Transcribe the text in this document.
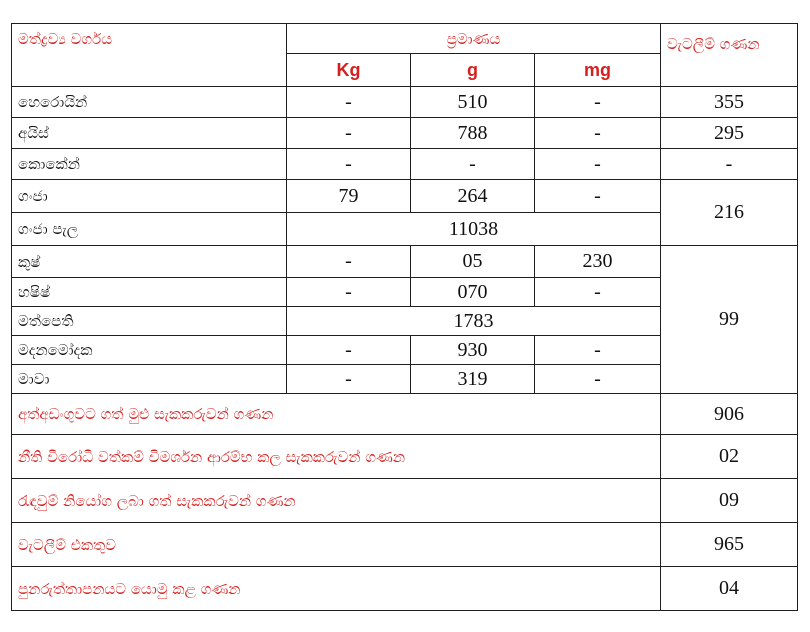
මත්ද්‍රව්‍ය වර්ගය	ප්‍රමාණය			වැටලීම් ගණන
	Kg	g	mg	
හෙරොයින්	-	510	-	355
අයිස්	-	788	-	295
කොකේන්	-	-	-	-
ගංජා	79	264	-	216
ගංජා පැල	11038			
කුෂ්	-	05	230	99
හෂිෂ්	-	070	-	
මත්පෙති	1783			
මදනමෝදක	-	930	-	
මාවා	-	319	-	
අත්අඩංගුවට ගත් මුළු සැකකරුවන් ගණන				906
නීති විරෝධී වත්කම් විමර්ශන ආරම්භ කල සැකකරුවන් ගණන				02
රැඳවුම් නියෝග ලබා ගත් සැකකරුවන් ගණන				09
වැටලීම් එකතුව				965
පුනරුත්තාපනයට යොමු කළ ගණන				04
